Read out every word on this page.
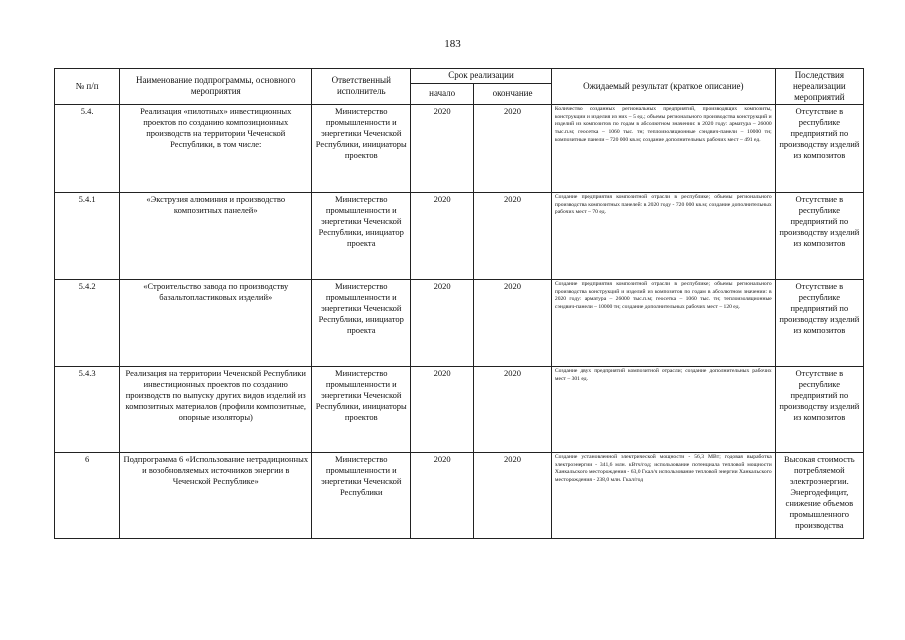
183
№ п/п	Наименование подпрограммы, основного мероприятия	Ответственный исполнитель	Срок реализации		Ожидаемый результат (краткое описание)	Последствия нереализации мероприятий
			начало	окончание		
5.4.	Реализация «пилотных» инвестиционных проектов по созданию композиционных производств на территории Чеченской Республики, в том числе:	Министерство промышленности и энергетики Чеченской Республики, инициаторы проектов	2020	2020	Количество созданных региональных предприятий, производящих композиты, конструкции и изделия из них – 5 ед.; объемы регионального производства конструкций и изделий из композитов по годам в абсолютном значении: в 2020 году: арматура – 26000 тыс.п.м; геосетка – 1060 тыс. тн; теплоизоляционные сэндвич-панели – 10000 тн; композитные панели – 720 000 кв.м; создание дополнительных рабочих мест – 491 ед.	Отсутствие в республике предприятий по производству изделий из композитов
5.4.1	«Экструзия алюминия и производство композитных панелей»	Министерство промышленности и энергетики Чеченской Республики, инициатор проекта	2020	2020	Создание предприятия композитной отрасли в республике; объемы регионального производства композитных панелей: в 2020 году - 720 000 кв.м; создание дополнительных рабочих мест – 70 ед.	Отсутствие в республике предприятий по производству изделий из композитов
5.4.2	«Строительство завода по производству базальтопластиковых изделий»	Министерство промышленности и энергетики Чеченской Республики, инициатор проекта	2020	2020	Создание предприятия композитной отрасли в республике; объемы регионального производства конструкций и изделий из композитов по годам в абсолютном значении: в 2020 году: арматура – 26000 тыс.п.м; геосетка – 1060 тыс. тн; теплоизоляционные сэндвич-панели – 10000 тн; создание дополнительных рабочих мест – 120 ед.	Отсутствие в республике предприятий по производству изделий из композитов
5.4.3	Реализация на территории Чеченской Республики инвестиционных проектов по созданию производств по выпуску других видов изделий из композитных материалов (профили композитные, опорные изоляторы)	Министерство промышленности и энергетики Чеченской Республики, инициаторы проектов	2020	2020	Создание двух предприятий композитной отрасли; создание дополнительных рабочих мест – 301 ед.	Отсутствие в республике предприятий по производству изделий из композитов
6	Подпрограмма 6 «Использование нетрадиционных и возобновляемых источников энергии в Чеченской Республике»	Министерство промышленности и энергетики Чеченской Республики	2020	2020	Создание установленной электрической мощности - 56,3 МВт; годовая выработка электроэнергии - 341,6 млн. кВтч/год; использование потенциала тепловой мощности Ханкальского месторождения - 63,0 Гкал/ч использование тепловой энергии Ханкальского месторождения - 238,0 млн. Гкал/год	Высокая стоимость потребляемой электроэнергии. Энергодефицит, снижение объемов промышленного производства
